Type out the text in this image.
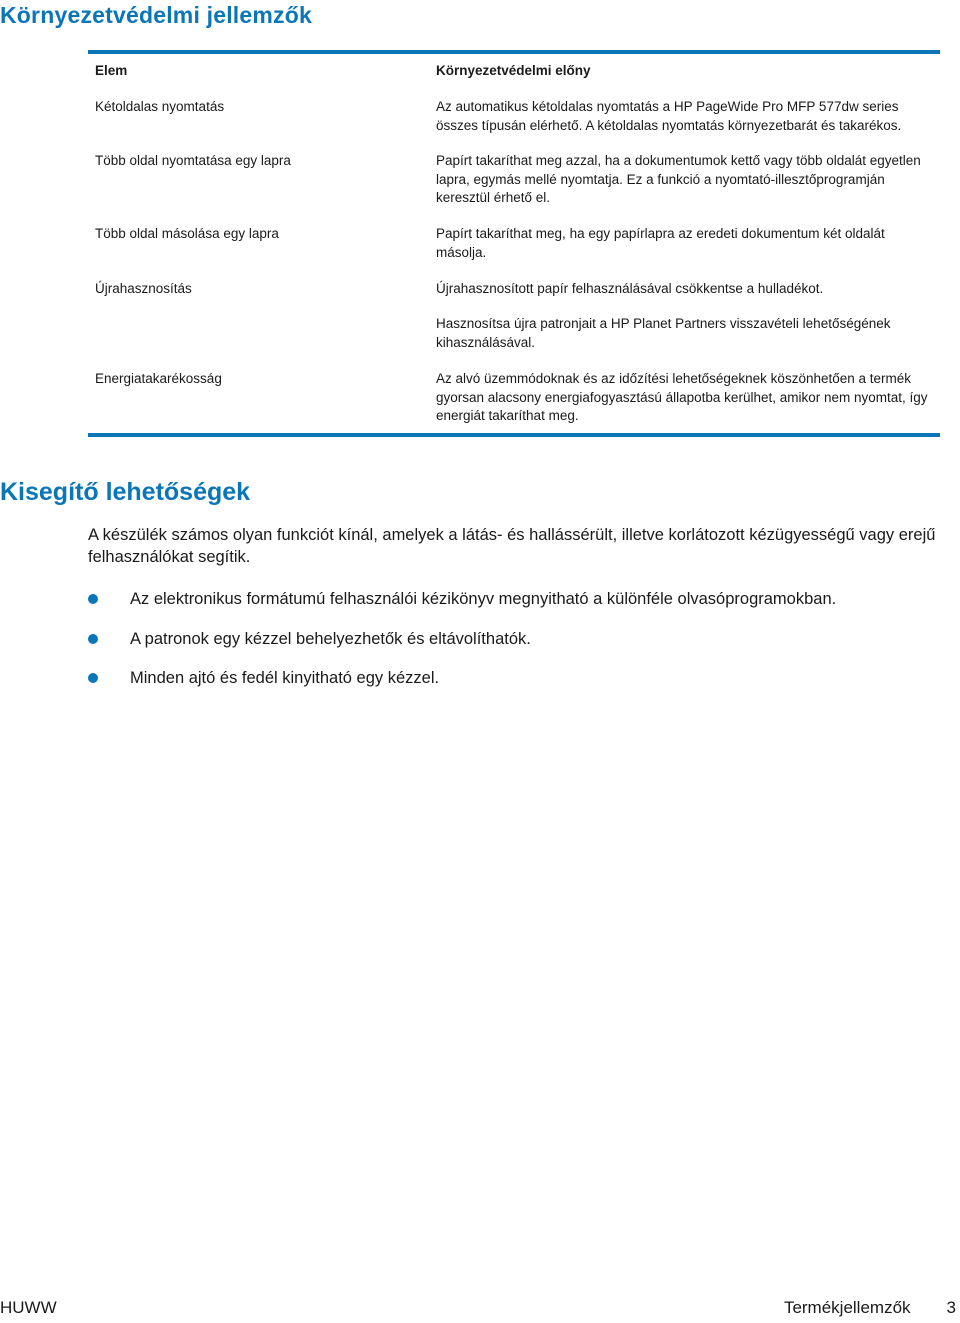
Környezetvédelmi jellemzők
Elem	Környezetvédelmi előny
Kétoldalas nyomtatás	Az automatikus kétoldalas nyomtatás a HP PageWide Pro MFP 577dw series összes típusán elérhető. A kétoldalas nyomtatás környezetbarát és takarékos.
Több oldal nyomtatása egy lapra	Papírt takaríthat meg azzal, ha a dokumentumok kettő vagy több oldalát egyetlen lapra, egymás mellé nyomtatja. Ez a funkció a nyomtató-illesztőprogramján keresztül érhető el.
Több oldal másolása egy lapra	Papírt takaríthat meg, ha egy papírlapra az eredeti dokumentum két oldalát másolja.
Újrahasznosítás	Újrahasznosított papír felhasználásával csökkentse a hulladékot.
Hasznosítsa újra patronjait a HP Planet Partners visszavételi lehetőségének kihasználásával.
Energiatakarékosság	Az alvó üzemmódoknak és az időzítési lehetőségeknek köszönhetően a termék gyorsan alacsony energiafogyasztású állapotba kerülhet, amikor nem nyomtat, így energiát takaríthat meg.
Kisegítő lehetőségek

A készülék számos olyan funkciót kínál, amelyek a látás- és hallássérült, illetve korlátozott kézügyességű vagy erejű felhasználókat segítik.

Az elektronikus formátumú felhasználói kézikönyv megnyitható a különféle olvasóprogramokban.
A patronok egy kézzel behelyezhetők és eltávolíthatók.
Minden ajtó és fedél kinyitható egy kézzel.
HUWW	Termékjellemzők 3
